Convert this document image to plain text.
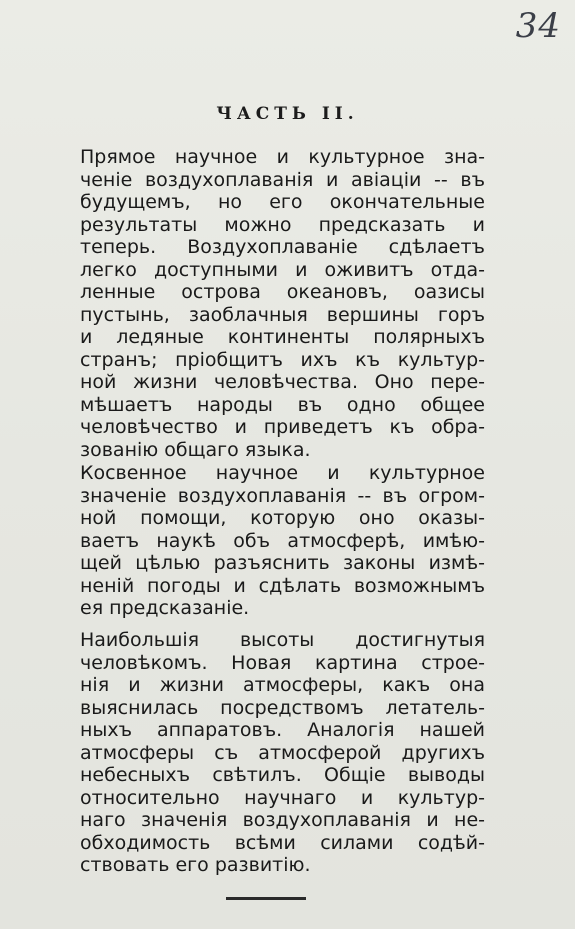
34
ЧАСТЬ II.
Прямое научное и культурное зна-
ченіе воздухоплаванія и авіаціи -- въ
будущемъ, но его окончательные
результаты можно предсказать и
теперь. Воздухоплаваніе сдѣлаетъ
легко доступными и оживитъ отда-
ленные острова океановъ, оазисы
пустынь, заоблачныя вершины горъ
и ледяные континенты полярныхъ
странъ; пріобщитъ ихъ къ культур-
ной жизни человѣчества. Оно пере-
мѣшаетъ народы въ одно общее
человѣчество и приведетъ къ обра-
зованію общаго языка.
Косвенное научное и культурное
значеніе воздухоплаванія -- въ огром-
ной помощи, которую оно оказы-
ваетъ наукѣ объ атмосферѣ, имѣю-
щей цѣлью разъяснить законы измѣ-
неній погоды и сдѣлать возможнымъ
ея предсказаніе.
Наибольшія высоты достигнутыя
человѣкомъ. Новая картина строе-
нія и жизни атмосферы, какъ она
выяснилась посредствомъ летатель-
ныхъ аппаратовъ. Аналогія нашей
атмосферы съ атмосферой другихъ
небесныхъ свѣтилъ. Общіе выводы
относительно научнаго и культур-
наго значенія воздухоплаванія и не-
обходимость всѣми силами содѣй-
ствовать его развитію.
